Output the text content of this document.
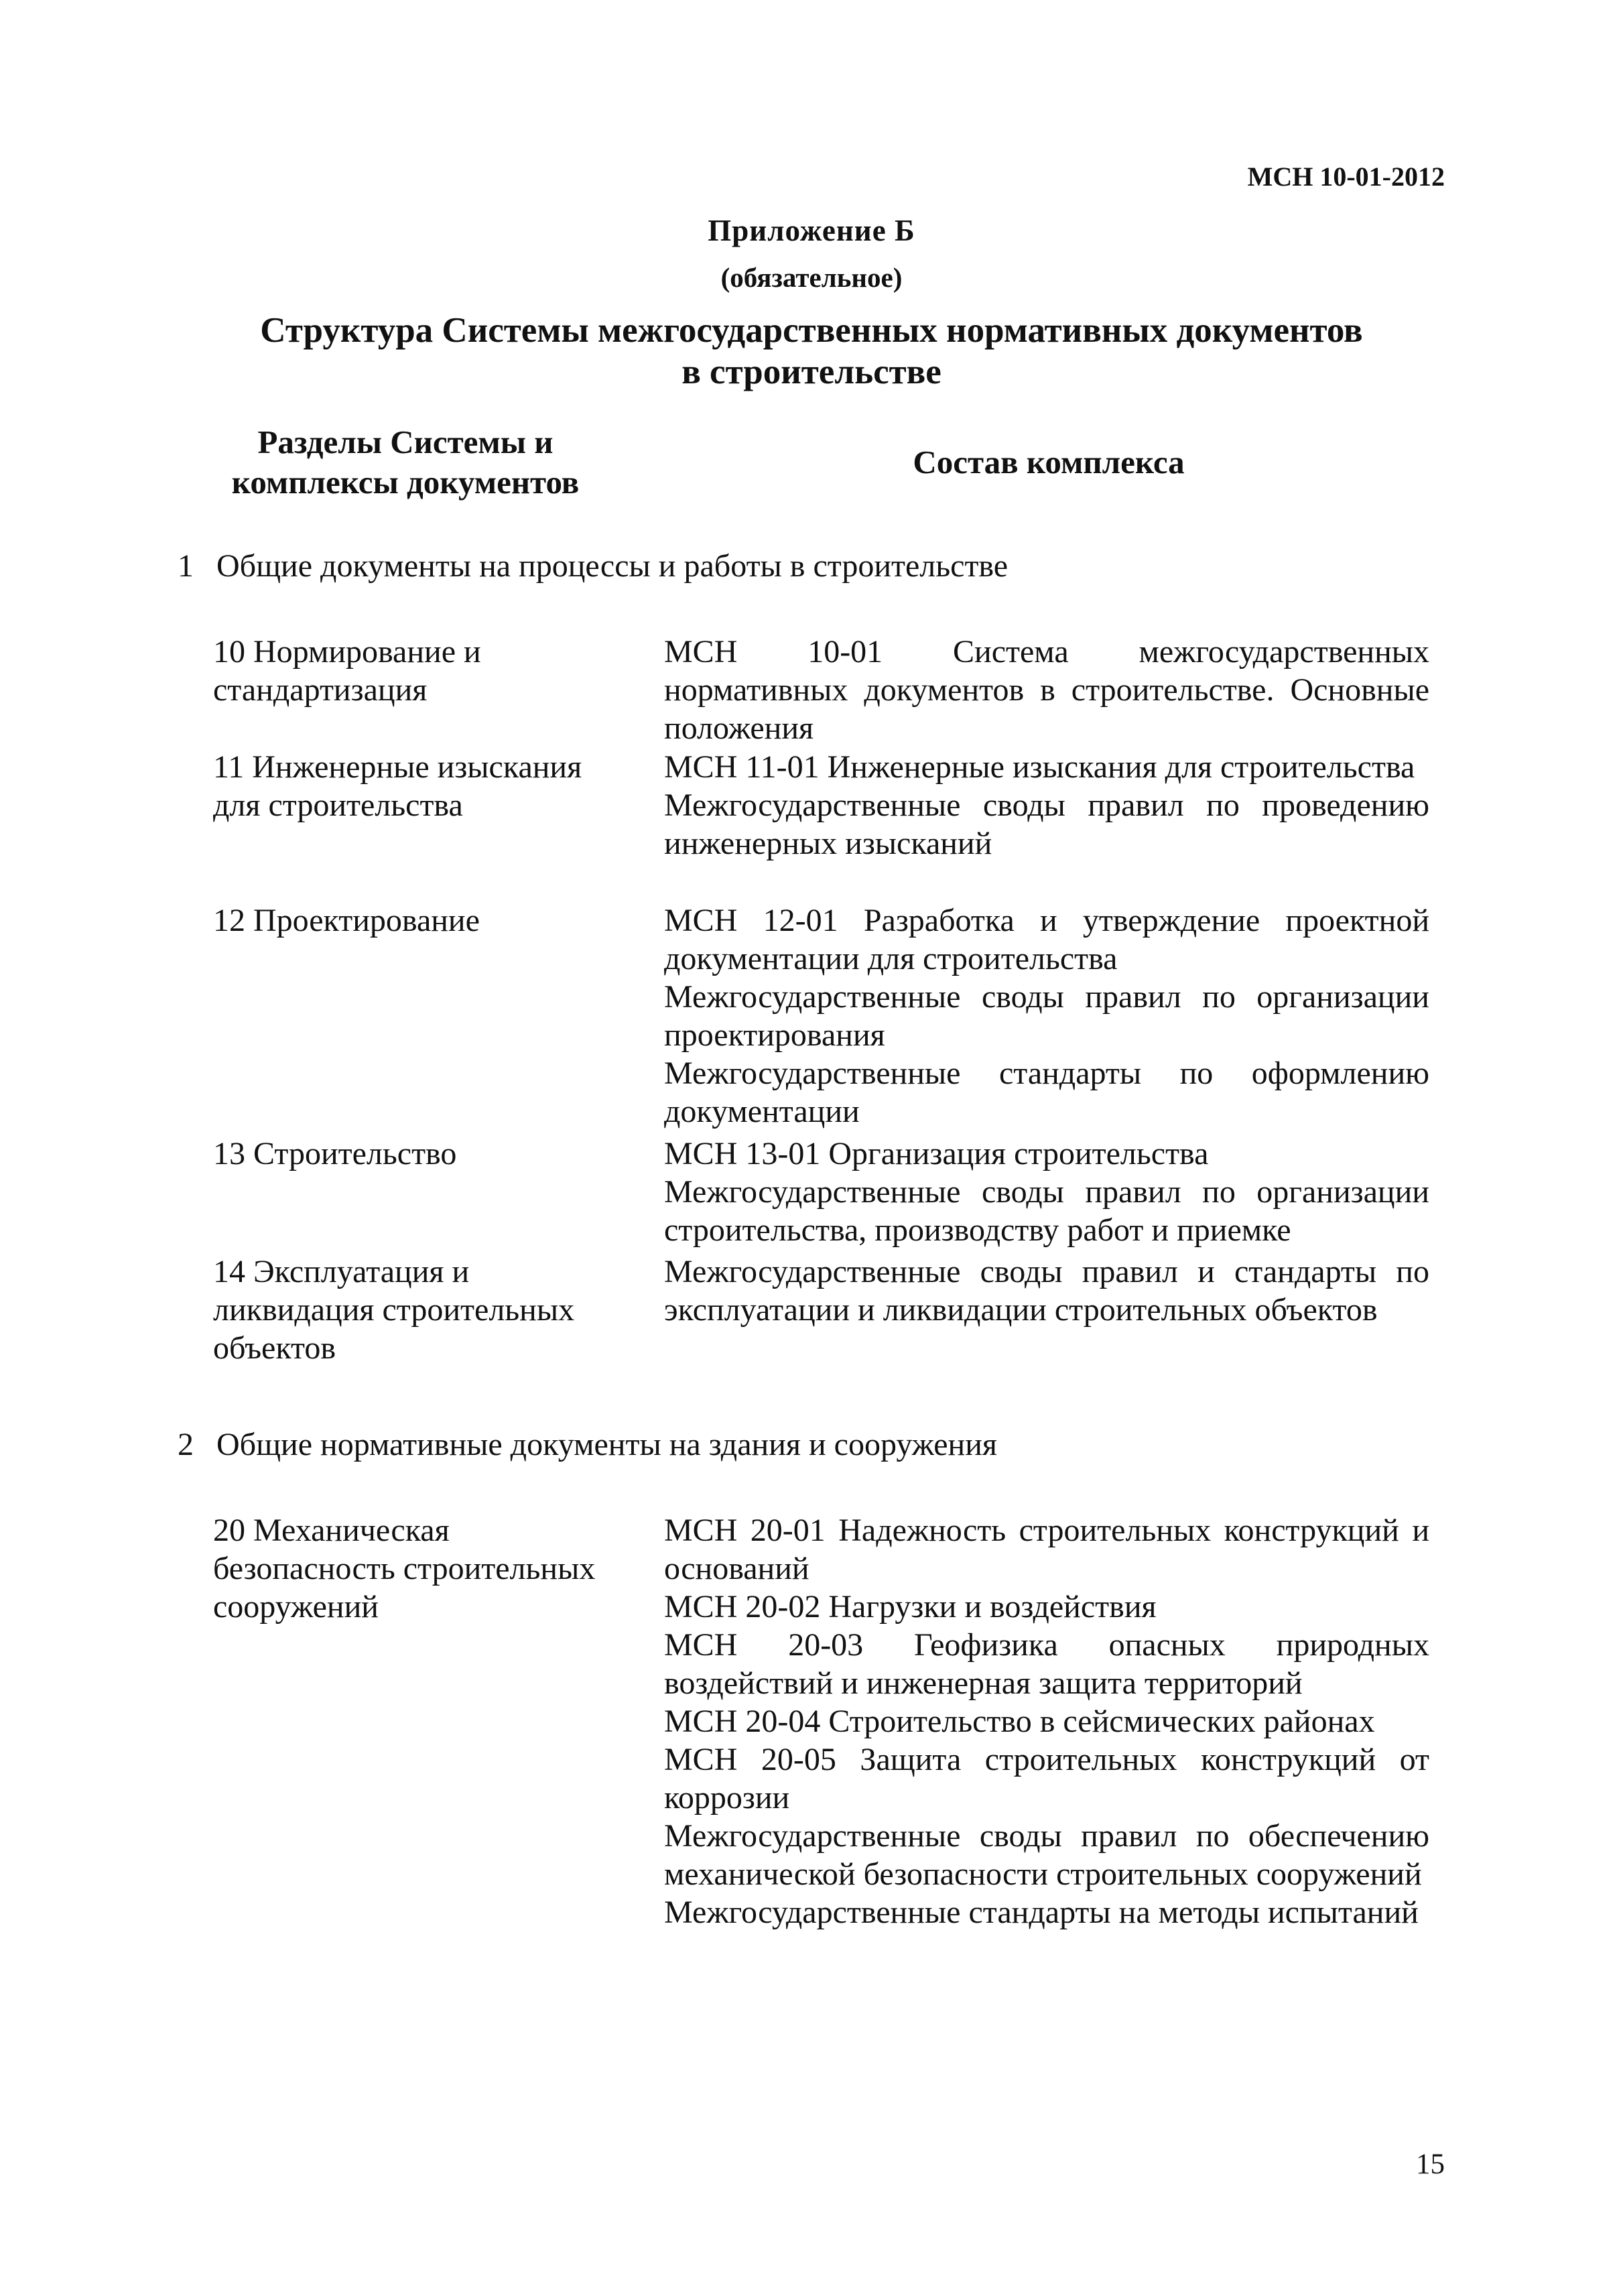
МСН 10-01-2012
Приложение Б
(обязательное)
Структура Системы межгосударственных нормативных документов
в строительстве
Разделы Системы и
комплексы документов
Состав комплекса
1 Общие документы на процессы и работы в строительстве
10 Нормирование и
стандартизация
МСН 10-01 Система межгосударственных нормативных документов в строительстве. Основные положения
11 Инженерные изыскания
для строительства
МСН 11-01 Инженерные изыскания для строительства
Межгосударственные своды правил по проведению инженерных изысканий
12 Проектирование	МСН 12-01 Разработка и утверждение проектной документации для строительства
Межгосударственные своды правил по организации проектирования
Межгосударственные стандарты по оформлению документации
13 Строительство	МСН 13-01 Организация строительства
Межгосударственные своды правил по организации строительства, производству работ и приемке
14 Эксплуатация и
ликвидация строительных
объектов
Межгосударственные своды правил и стандарты по эксплуатации и ликвидации строительных объектов
2 Общие нормативные документы на здания и сооружения
20 Механическая
безопасность строительных
сооружений
МСН 20-01 Надежность строительных конструкций и оснований
МСН 20-02 Нагрузки и воздействия
МСН 20-03 Геофизика опасных природных воздействий и инженерная защита территорий
МСН 20-04 Строительство в сейсмических районах
МСН 20-05 Защита строительных конструкций от коррозии
Межгосударственные своды правил по обеспечению механической безопасности строительных сооружений
Межгосударственные стандарты на методы испытаний
15
